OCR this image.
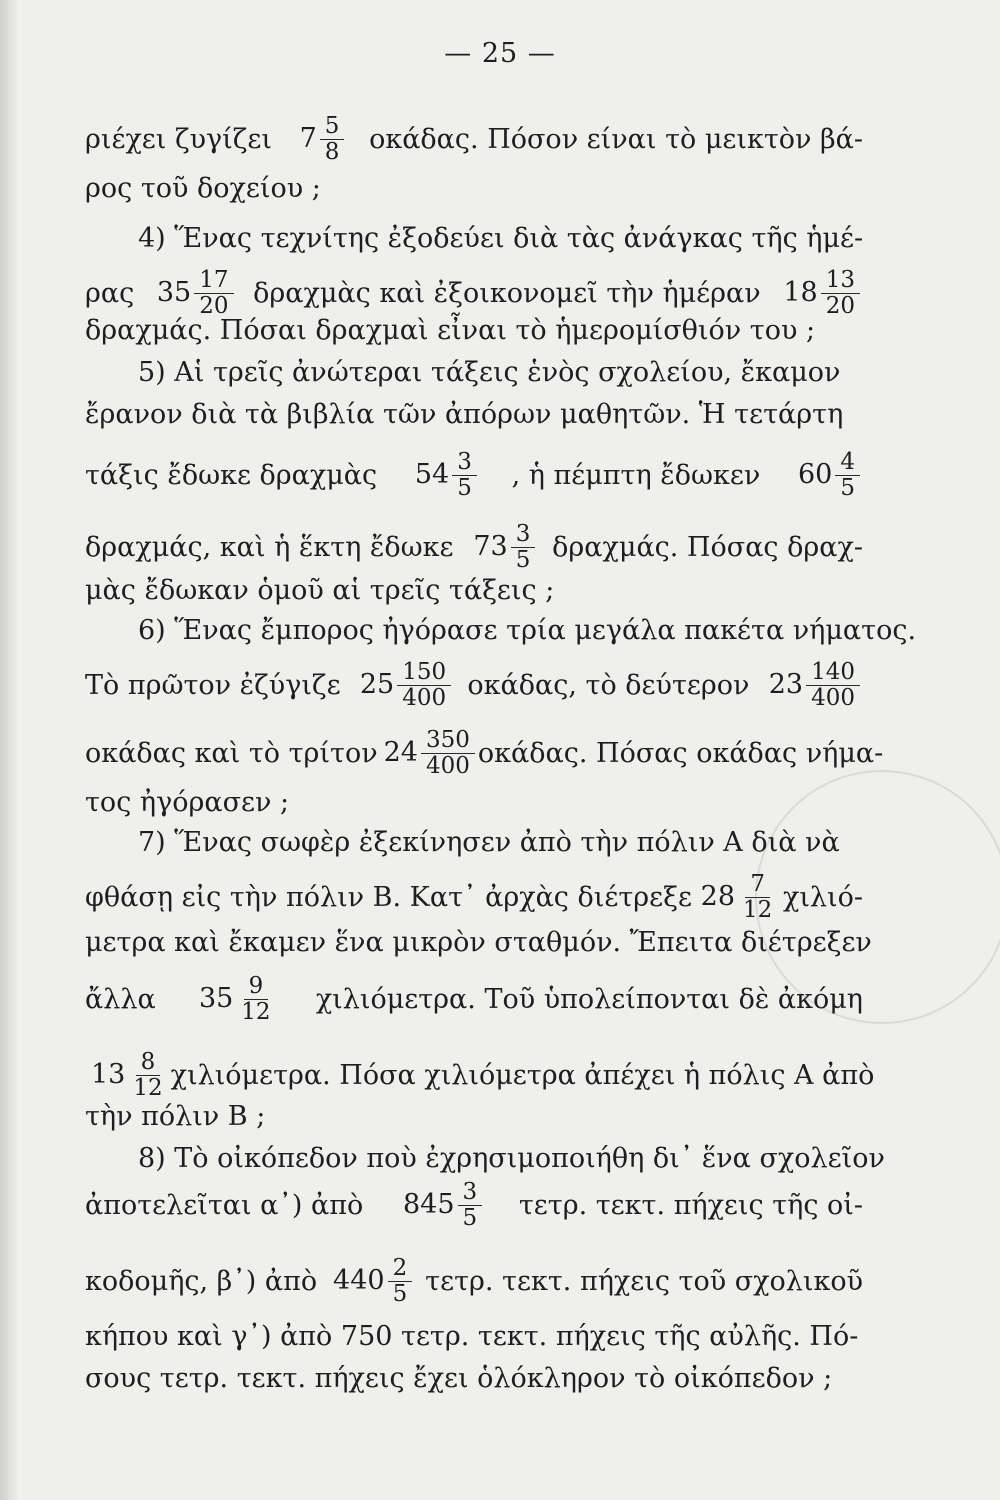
— 25 —
ριέχει ζυγίζει $7 \frac{5}{8} o\kappa ά\delta\alpha\varsigma$. Πόσον είναι τὸ μεικτὸν βά-
ρος τοῦ δοχείου ;
4) Ἕνας τεχνίτης ἐξοδεύει διὰ τὰς ἀνάγκας τῆς ἡμέ-
ρας $35 \frac{17}{20}$ δραχμὰς καὶ ἐξοικονομεῖ τὴν ἡμέραν $18 \frac{13}{20}$
δραχμάς. Πόσαι δραχμαὶ εἶναι τὸ ἡμερομίσθιόν του ;
5) Αἱ τρεῖς ἀνώτεραι τάξεις ἑνὸς σχολείου, ἔκαμον
ἔρανον διὰ τὰ βιβλία τῶν ἀπόρων μαθητῶν. Ἡ τετάρτη
τάξις ἔδωκε δραχμὰς $54 \frac{3}{5}$ , ἡ πέμπτη ἔδωκεν $60 \frac{4}{5}$
δραχμάς, καὶ ἡ ἕκτη ἔδωκε $73 \frac{3}{5} \delta\rho\alpha\chi\mu ά\varsigma$. Πόσας δραχ-
μὰς ἔδωκαν ὁμοῦ αἱ τρεῖς τάξεις ;
6) Ἕνας ἔμπορος ἠγόρασε τρία μεγάλα πακέτα νήματος.
Τὸ πρῶτον ἐζύγιζε $25 \frac{150}{400} o\kappa ά\delta\alpha\varsigma$, τὸ δεύτερον $23 \frac{140}{400}$
οκάδας καὶ τὸ τρίτον $24 \frac{350}{400} o\kappa ά\delta\alpha\varsigma$. Πόσας οκάδας νήμα-
τος ἠγόρασεν ;
7) Ἕνας σωφὲρ ἐξεκίνησεν ἀπὸ τὴν πόλιν Α διὰ νὰ
φθάσῃ εἰς τὴν πόλιν Β. Κατ᾽ ἀρχὰς διέτρεξε $28 \frac{7}{12} \chi\iota\lambda\iota ό-$
μετρα καὶ ἔκαμεν ἕνα μικρὸν σταθμόν. Ἔπειτα διέτρεξεν
ἄλλα $35 \frac{9}{12} \chi\iota\lambda\iota ό\mu\varepsilon\tau\rho\alpha$. Τοῦ ὑπολείπονται δὲ ἀκόμη
$13 \frac{8}{12} \chi\iota\lambda\iota ό\mu\varepsilon\tau\rho\alpha$. Πόσα χιλιόμετρα ἀπέχει ἡ πόλις Α ἀπὸ
τὴν πόλιν Β ;
8) Τὸ οἰκόπεδον ποὺ ἐχρησιμοποιήθη δι᾽ ἕνα σχολεῖον
ἀποτελεῖται α᾽) ἀπὸ $845 \frac{3}{5} \tau\varepsilon\tau\rho$. τεκτ. πήχεις τῆς οἰ-
κοδομῆς, β᾽) ἀπὸ $440 \frac{2}{5} \tau\varepsilon\tau\rho$. τεκτ. πήχεις τοῦ σχολικοῦ
κήπου καὶ γ᾽) ἀπὸ 750 τετρ. τεκτ. πήχεις τῆς αὐλῆς. Πό-
σους τετρ. τεκτ. πήχεις ἔχει ὁλόκληρον τὸ οἰκόπεδον ;
